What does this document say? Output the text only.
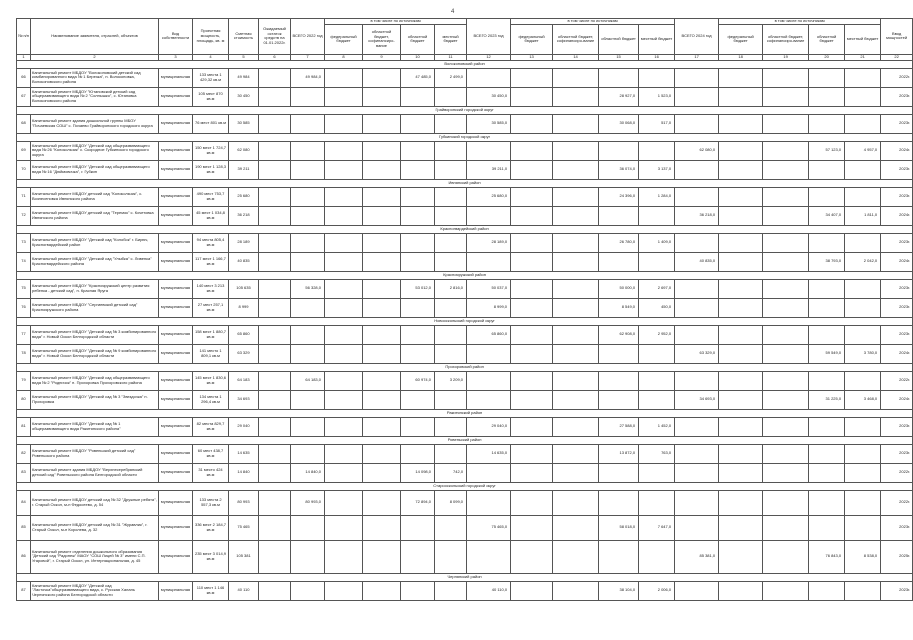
4
№ п/п	Наименование заявителя, отраслей, объектов	Вид собственности	Проектная мощность, площадь, кв. м	Сметная стоимость	Ожидаемый остаток средств на 01.01.2022г.	ВСЕГО 2022 год	в том числе по источникам				ВСЕГО 2023 год	в том числе по источникам				ВСЕГО 2024 год	в том числе по источникам				Ввод мощностей
							федеральный бюджет	областной бюджет, софинансиро-вание	областной бюджет	местный бюджет		федеральный бюджет	областной бюджет, софинансиро-вание	областной бюджет	местный бюджет		федеральный бюджет	областной бюджет, софинансиро-вание	областной бюджет	местный бюджет	

1	2	3	4	5	6	7	8	9	10	11	12	13	14	15	16	17	18	19	20	21	22
Волоконовский район																					
66	Капитальный ремонт МБДОУ "Волоконовский детский сад комбинированного вида № 1 Березка", п. Волоконовка, Волоконовского района	муниципальная	133 места 1 429,32 кв.м	49 984		49 984,0			47 485,0	2 499,0											2022г.
67	Капитальный ремонт МБДОУ "Ютановский детский сад общеразвивающего вида № 2 "Солнышко", с. Ютановка Волоконовского района	муниципальная	105 мест 870 кв.м	30 450							30 450,0			28 927,0	1 523,0						2023г.
Грайворонский городской округ																					
68	Капитальный ремонт здания дошкольной группы МБОУ "Почаевская СОШ" с. Почаево Грайворонского городского округа	муниципальная	76 мест 801 кв.м	30 585							30 585,0			30 068,0	517,0						2023г.
Губкинский городской округ																					
69	Капитальный ремонт МБДОУ "Детский сад общеразвивающего вида № 26 "Колокольчик" с. Скородное Губкинского городского округа	муниципальная	150 мест 1 724,7 кв.м	62 080												62 080,0			57 123,0	4 957,0	2024г.
70	Капитальный ремонт МБДОУ "Детский сад общеразвивающего вида № 16 "Дюймовочка", г. Губкин	муниципальная	190 мест 1 128,3 кв.м	39 211							39 211,0			36 074,0	3 137,0						2023г.
Ивнянский район																					
71	Капитальный ремонт МБДОУ детский сад "Колокольчик", с. Вознесеновка Ивнянского района	муниципальная	490 мест 753,7 кв.м	25 680							25 680,0			24 396,0	1 284,0						2023г.
72	Капитальный ремонт МБДОУ детский сад "Теремок" с. Кочетовка Ивнянского района	муниципальная	45 мест 1 034,8 кв.м	36 218												36 218,0			34 407,0	1 811,0	2024г.
Красногвардейский район																					
73	Капитальный ремонт МБДОУ "Детский сад "Колобок" г. Бирюч, Красногвардейский район	муниципальная	94 места 805,4 кв.м	28 189							28 189,0			26 780,0	1 409,0						2023г.
74	Капитальный ремонт МБДОУ "Детский сад "Улыбка" с. Ливенка" Красногвардейского района	муниципальная	117 мест 1 166,7 кв.м	40 835												40 835,0			38 793,0	2 042,0	2024г.
Краснояружский район																					
75	Капитальный ремонт МБДОУ "Краснояружский центр развития ребенка - детский сад", п. Красная Яруга	муниципальная	140 мест 3 213 кв.м	105 635		56 328,0			53 012,0	2 816,0	50 037,0			50 000,0	2 697,0						2023г.
76	Капитальный ремонт МБДОУ "Сергиевский детский сад" Краснояружского района	муниципальная	27 мест 257,1 кв.м	8 999							8 999,0			8 549,0	450,0						2023г.
Новооскольский городской округ																					
77	Капитальный ремонт МБДОУ "Детский сад № 3 комбинированного вида" г. Новый Оскол Белгородской области	муниципальная	158 мест 1 880,7 кв.м	65 860							65 860,0			62 908,0	2 952,0						2023г.
78	Капитальный ремонт МБДОУ "Детский сад № 9 комбинированного вида" г. Новый Оскол Белгородской области	муниципальная	141 место 1 809,1 кв.м	63 329												63 329,0			59 549,0	3 780,0	2024г.
Прохоровский район																					
79	Капитальный ремонт МБДОУ "Детский сад общеразвивающего вида № 2 "Родничок" п. Прохоровка Прохоровского района	муниципальная	145 мест 1 830,6 кв.м	64 183		64 183,0			60 974,0	3 209,0											2022г.
80	Капитальный ремонт МБДОУ "Детский сад № 3 "Звездочка" п. Прохоровка	муниципальная	134 места 1 296,4 кв.м	34 693												34 693,0			31 225,0	3 468,0	2024г.
Ракитянский район																					
81	Капитальный ремонт МБДОУ "Детский сад № 1 общеразвивающего вида Ракитянского района"	муниципальная	82 места 829,7 кв.м	29 040							29 040,0			27 588,0	1 452,0						2023г.
Ровеньский район																					
82	Капитальный ремонт МБДОУ "Ровеньский детский сад" Ровеньского района	муниципальная	60 мест 438,7 кв.м	14 635							14 635,0			13 872,0	763,0						2023г.
83	Капитальный ремонт здания МБДОУ "Верхнесеребрянский детский сад" Ровеньского района Белгородской области	муниципальная	31 место 424 кв.м	14 840		14 840,0			14 098,0	742,0											2022г.
Старооскольский городской округ																					
84	Капитальный ремонт МБДОУ детский сад № 32 "Дружные ребята", г. Старый Оскол, м-н Федосеево, д. 54	муниципальная	133 места 2 557,3 кв.м	80 993		80 993,0			72 894,0	8 099,0											2022г.
85	Капитальный ремонт МБДОУ детский сад № 31 "Журавлик", г. Старый Оскол, м-н Королева, д. 32	муниципальная	336 мест 2 184,7 кв.м	75 465							75 465,0			58 018,0	7 647,0						2023г.
86	Капитальный ремонт отделения дошкольного образования "Детский сад "Радонеж" МАОУ "СОШ Лицей № 3" имени С.П. Угаровой", г. Старый Оскол, ул. Интернациональная, д. 45	муниципальная	235 мест 3 014,9 кв.м	105 381												85 381,0			76 843,0	8 538,0	2025г.
Чернянский район																					
87	Капитальный ремонт МБДОУ "Детский сад "Ласточка"общеразвивающего вида, с. Русская Халань Чернянского района Белгородской области	муниципальная	110 мест 1 146 кв.м	40 110							40 110,0			38 104,0	2 006,0						2023г.
